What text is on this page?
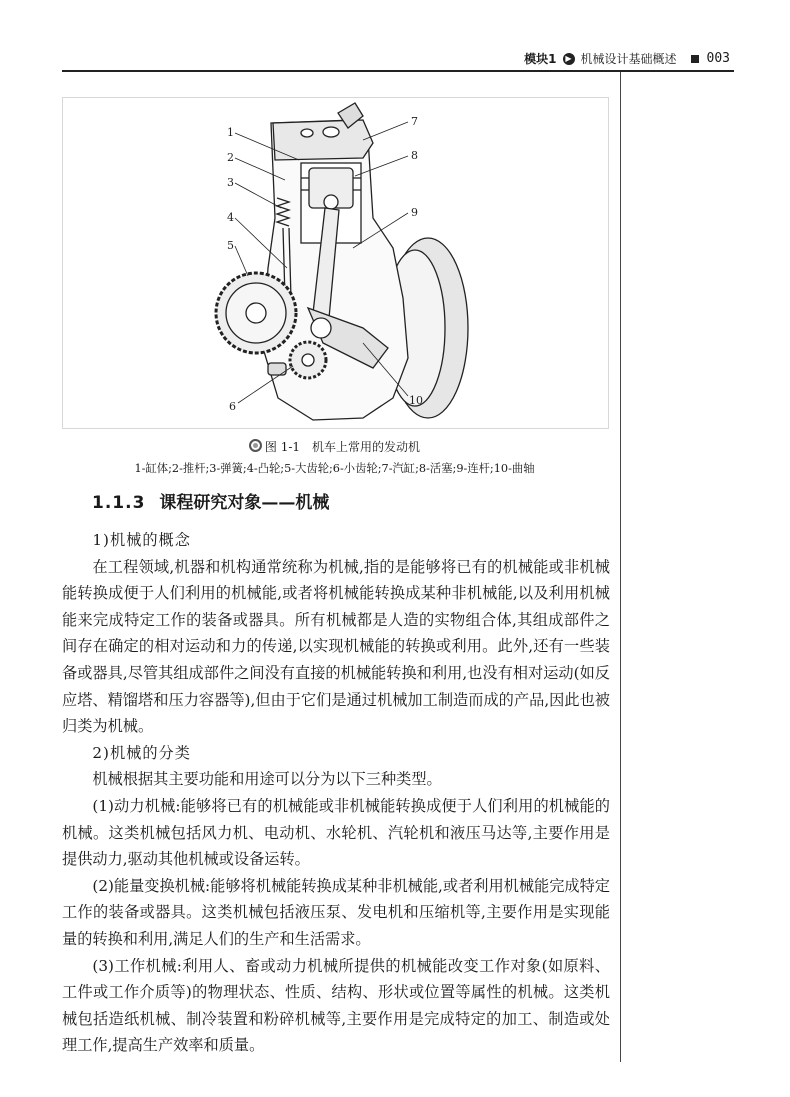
模块1	▶ 机械设计基础概述 003
1
2
3
4
5
6
7
8
9
10
图 1-1　机车上常用的发动机
1-缸体;2-推杆;3-弹簧;4-凸轮;5-大齿轮;6-小齿轮;7-汽缸;8-活塞;9-连杆;10-曲轴
1.1.3 课程研究对象——机械

1)机械的概念

在工程领域,机器和机构通常统称为机械,指的是能够将已有的机械能或非机械能转换成便于人们利用的机械能,或者将机械能转换成某种非机械能,以及利用机械能来完成特定工作的装备或器具。所有机械都是人造的实物组合体,其组成部件之间存在确定的相对运动和力的传递,以实现机械能的转换或利用。此外,还有一些装备或器具,尽管其组成部件之间没有直接的机械能转换和利用,也没有相对运动(如反应塔、精馏塔和压力容器等),但由于它们是通过机械加工制造而成的产品,因此也被归类为机械。

2)机械的分类

机械根据其主要功能和用途可以分为以下三种类型。

(1)动力机械:能够将已有的机械能或非机械能转换成便于人们利用的机械能的机械。这类机械包括风力机、电动机、水轮机、汽轮机和液压马达等,主要作用是提供动力,驱动其他机械或设备运转。

(2)能量变换机械:能够将机械能转换成某种非机械能,或者利用机械能完成特定工作的装备或器具。这类机械包括液压泵、发电机和压缩机等,主要作用是实现能量的转换和利用,满足人们的生产和生活需求。

(3)工作机械:利用人、畜或动力机械所提供的机械能改变工作对象(如原料、工件或工作介质等)的物理状态、性质、结构、形状或位置等属性的机械。这类机械包括造纸机械、制冷装置和粉碎机械等,主要作用是完成特定的加工、制造或处理工作,提高生产效率和质量。
